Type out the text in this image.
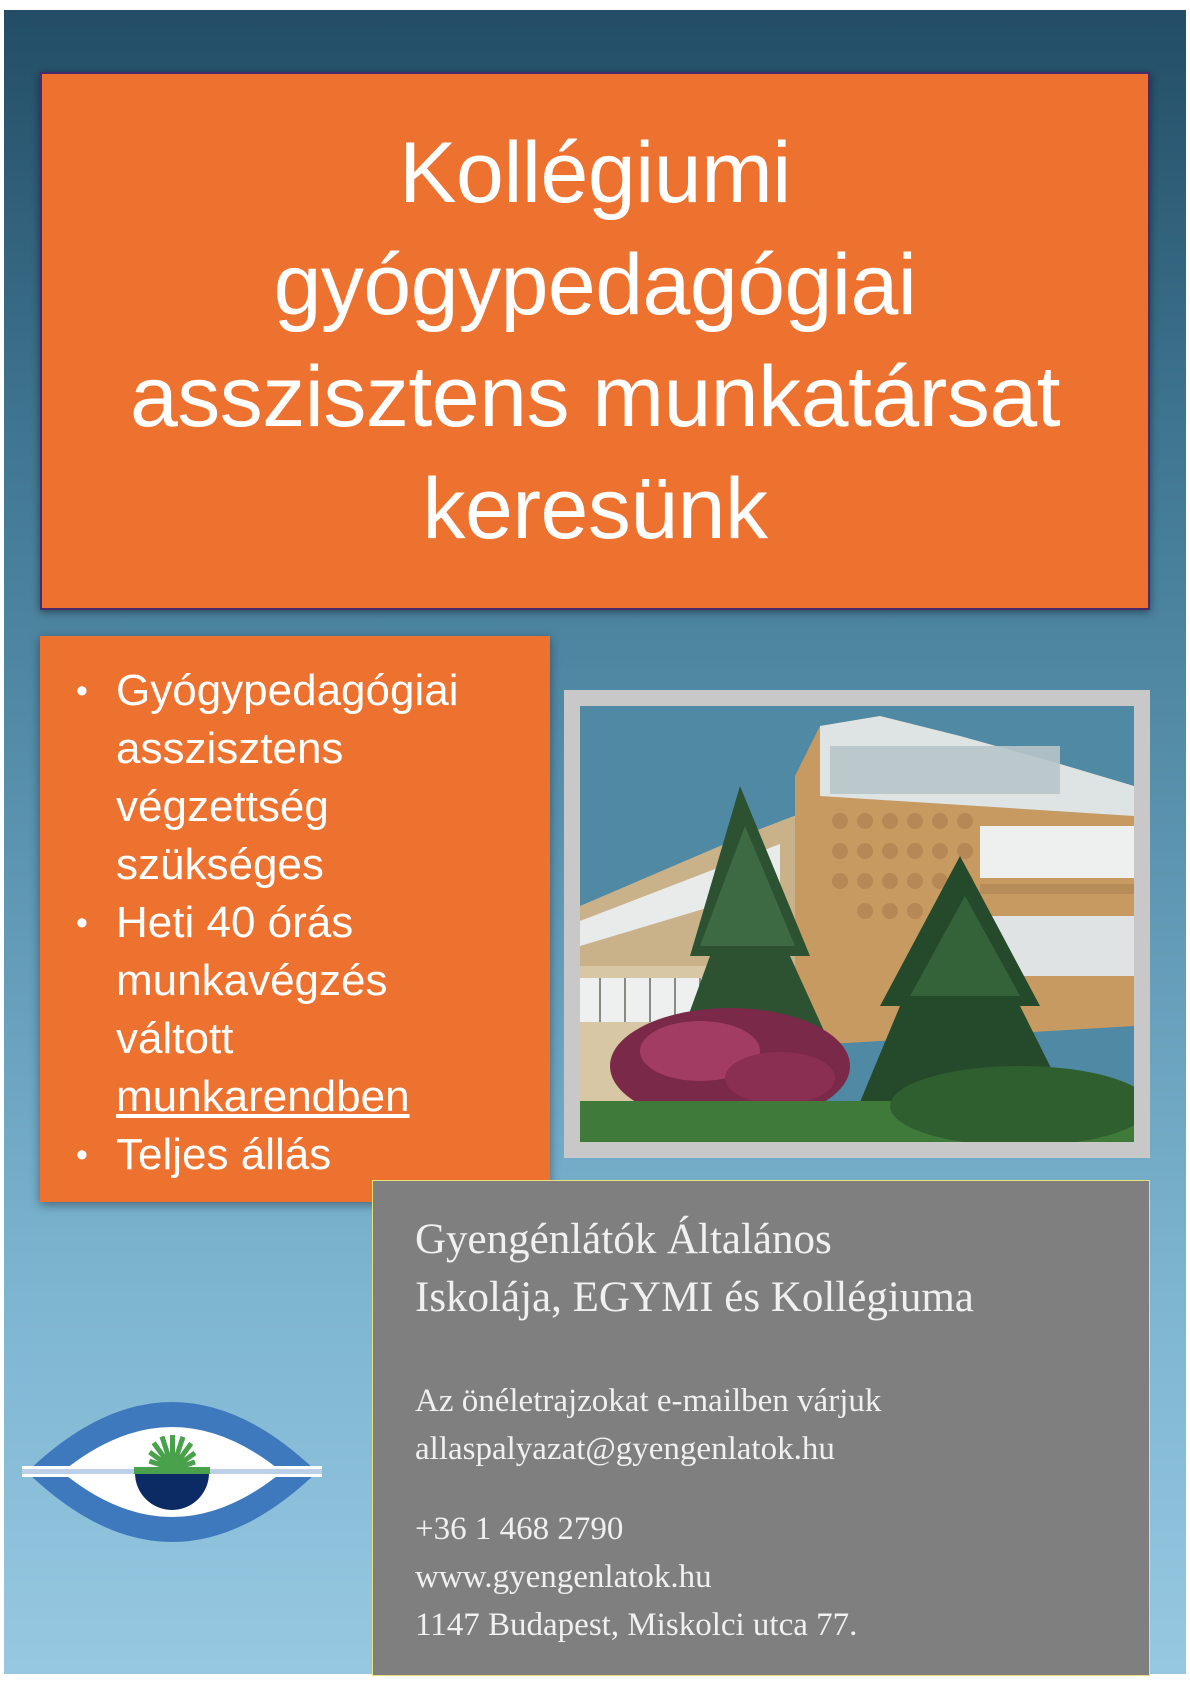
Kollégiumi
gyógypedagógiai
asszisztens munkatársat
keresünk
• Gyógypedagógiai
asszisztens
végzettség
szükséges
• Heti 40 órás
munkavégzés
váltott
munkarendben
• Teljes állás
Gyengénlátók Általános
Iskolája, EGYMI és Kollégiuma
Az önéletrajzokat e-mailben várjuk
allaspalyazat@gyengenlatok.hu
+36 1 468 2790
www.gyengenlatok.hu
1147 Budapest, Miskolci utca 77.
